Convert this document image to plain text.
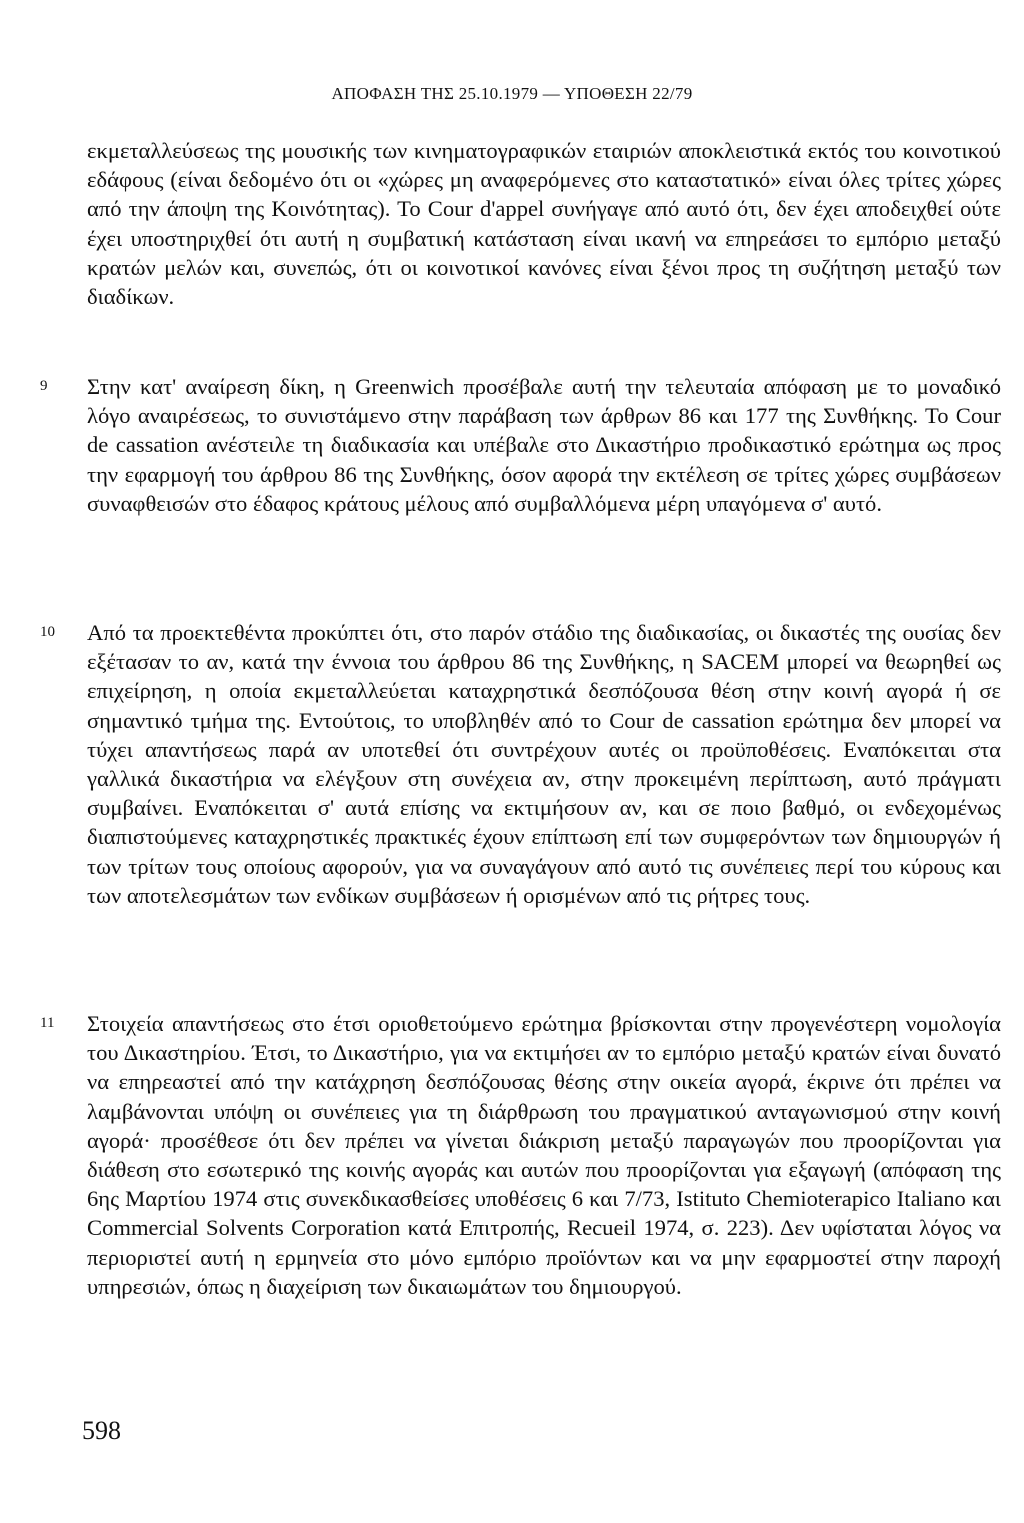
ΑΠΟΦΑΣΗ ΤΗΣ 25.10.1979 — ΥΠΟΘΕΣΗ 22/79
εκμεταλλεύσεως της μουσικής των κινηματογραφικών εταιριών αποκλειστικά εκτός του κοινοτικού εδάφους (είναι δεδομένο ότι οι «χώρες μη αναφερόμενες στο καταστατικό» είναι όλες τρίτες χώρες από την άποψη της Κοινότητας). Το Cour d'appel συνήγαγε από αυτό ότι, δεν έχει αποδειχθεί ούτε έχει υποστηριχθεί ότι αυτή η συμβατική κατάσταση είναι ικανή να επηρεάσει το εμπόριο μεταξύ κρατών μελών και, συνεπώς, ότι οι κοινοτικοί κανόνες είναι ξένοι προς τη συζήτηση μεταξύ των διαδίκων.
9	Στην κατ' αναίρεση δίκη, η Greenwich προσέβαλε αυτή την τελευταία απόφαση με το μοναδικό λόγο αναιρέσεως, το συνιστάμενο στην παράβαση των άρθρων 86 και 177 της Συνθήκης. Το Cour de cassation ανέστειλε τη διαδικασία και υπέβαλε στο Δικαστήριο προδικαστικό ερώτημα ως προς την εφαρμογή του άρθρου 86 της Συνθήκης, όσον αφορά την εκτέλεση σε τρίτες χώρες συμβάσεων συναφθεισών στο έδαφος κράτους μέλους από συμβαλλόμενα μέρη υπαγόμενα σ' αυτό.
10	Από τα προεκτεθέντα προκύπτει ότι, στο παρόν στάδιο της διαδικασίας, οι δικαστές της ουσίας δεν εξέτασαν το αν, κατά την έννοια του άρθρου 86 της Συνθήκης, η SACEM μπορεί να θεωρηθεί ως επιχείρηση, η οποία εκμεταλλεύεται καταχρηστικά δεσπόζουσα θέση στην κοινή αγορά ή σε σημαντικό τμήμα της. Εντούτοις, το υποβληθέν από το Cour de cassation ερώτημα δεν μπορεί να τύχει απαντήσεως παρά αν υποτεθεί ότι συντρέχουν αυτές οι προϋποθέσεις. Εναπόκειται στα γαλλικά δικαστήρια να ελέγξουν στη συνέχεια αν, στην προκειμένη περίπτωση, αυτό πράγματι συμβαίνει. Εναπόκειται σ' αυτά επίσης να εκτιμήσουν αν, και σε ποιο βαθμό, οι ενδεχομένως διαπιστούμενες καταχρηστικές πρακτικές έχουν επίπτωση επί των συμφερόντων των δημιουργών ή των τρίτων τους οποίους αφορούν, για να συναγάγουν από αυτό τις συνέπειες περί του κύρους και των αποτελεσμάτων των ενδίκων συμβάσεων ή ορισμένων από τις ρήτρες τους.
11	Στοιχεία απαντήσεως στο έτσι οριοθετούμενο ερώτημα βρίσκονται στην προγενέστερη νομολογία του Δικαστηρίου. Έτσι, το Δικαστήριο, για να εκτιμήσει αν το εμπόριο μεταξύ κρατών είναι δυνατό να επηρεαστεί από την κατάχρηση δεσπόζουσας θέσης στην οικεία αγορά, έκρινε ότι πρέπει να λαμβάνονται υπόψη οι συνέπειες για τη διάρθρωση του πραγματικού ανταγωνισμού στην κοινή αγορά· προσέθεσε ότι δεν πρέπει να γίνεται διάκριση μεταξύ παραγωγών που προορίζονται για διάθεση στο εσωτερικό της κοινής αγοράς και αυτών που προορίζονται για εξαγωγή (απόφαση της 6ης Μαρτίου 1974 στις συνεκδικασθείσες υποθέσεις 6 και 7/73, Istituto Chemioterapico Italiano και Commercial Solvents Corporation κατά Επιτροπής, Recueil 1974, σ. 223). Δεν υφίσταται λόγος να περιοριστεί αυτή η ερμηνεία στο μόνο εμπόριο προϊόντων και να μην εφαρμοστεί στην παροχή υπηρεσιών, όπως η διαχείριση των δικαιωμάτων του δημιουργού.
598
